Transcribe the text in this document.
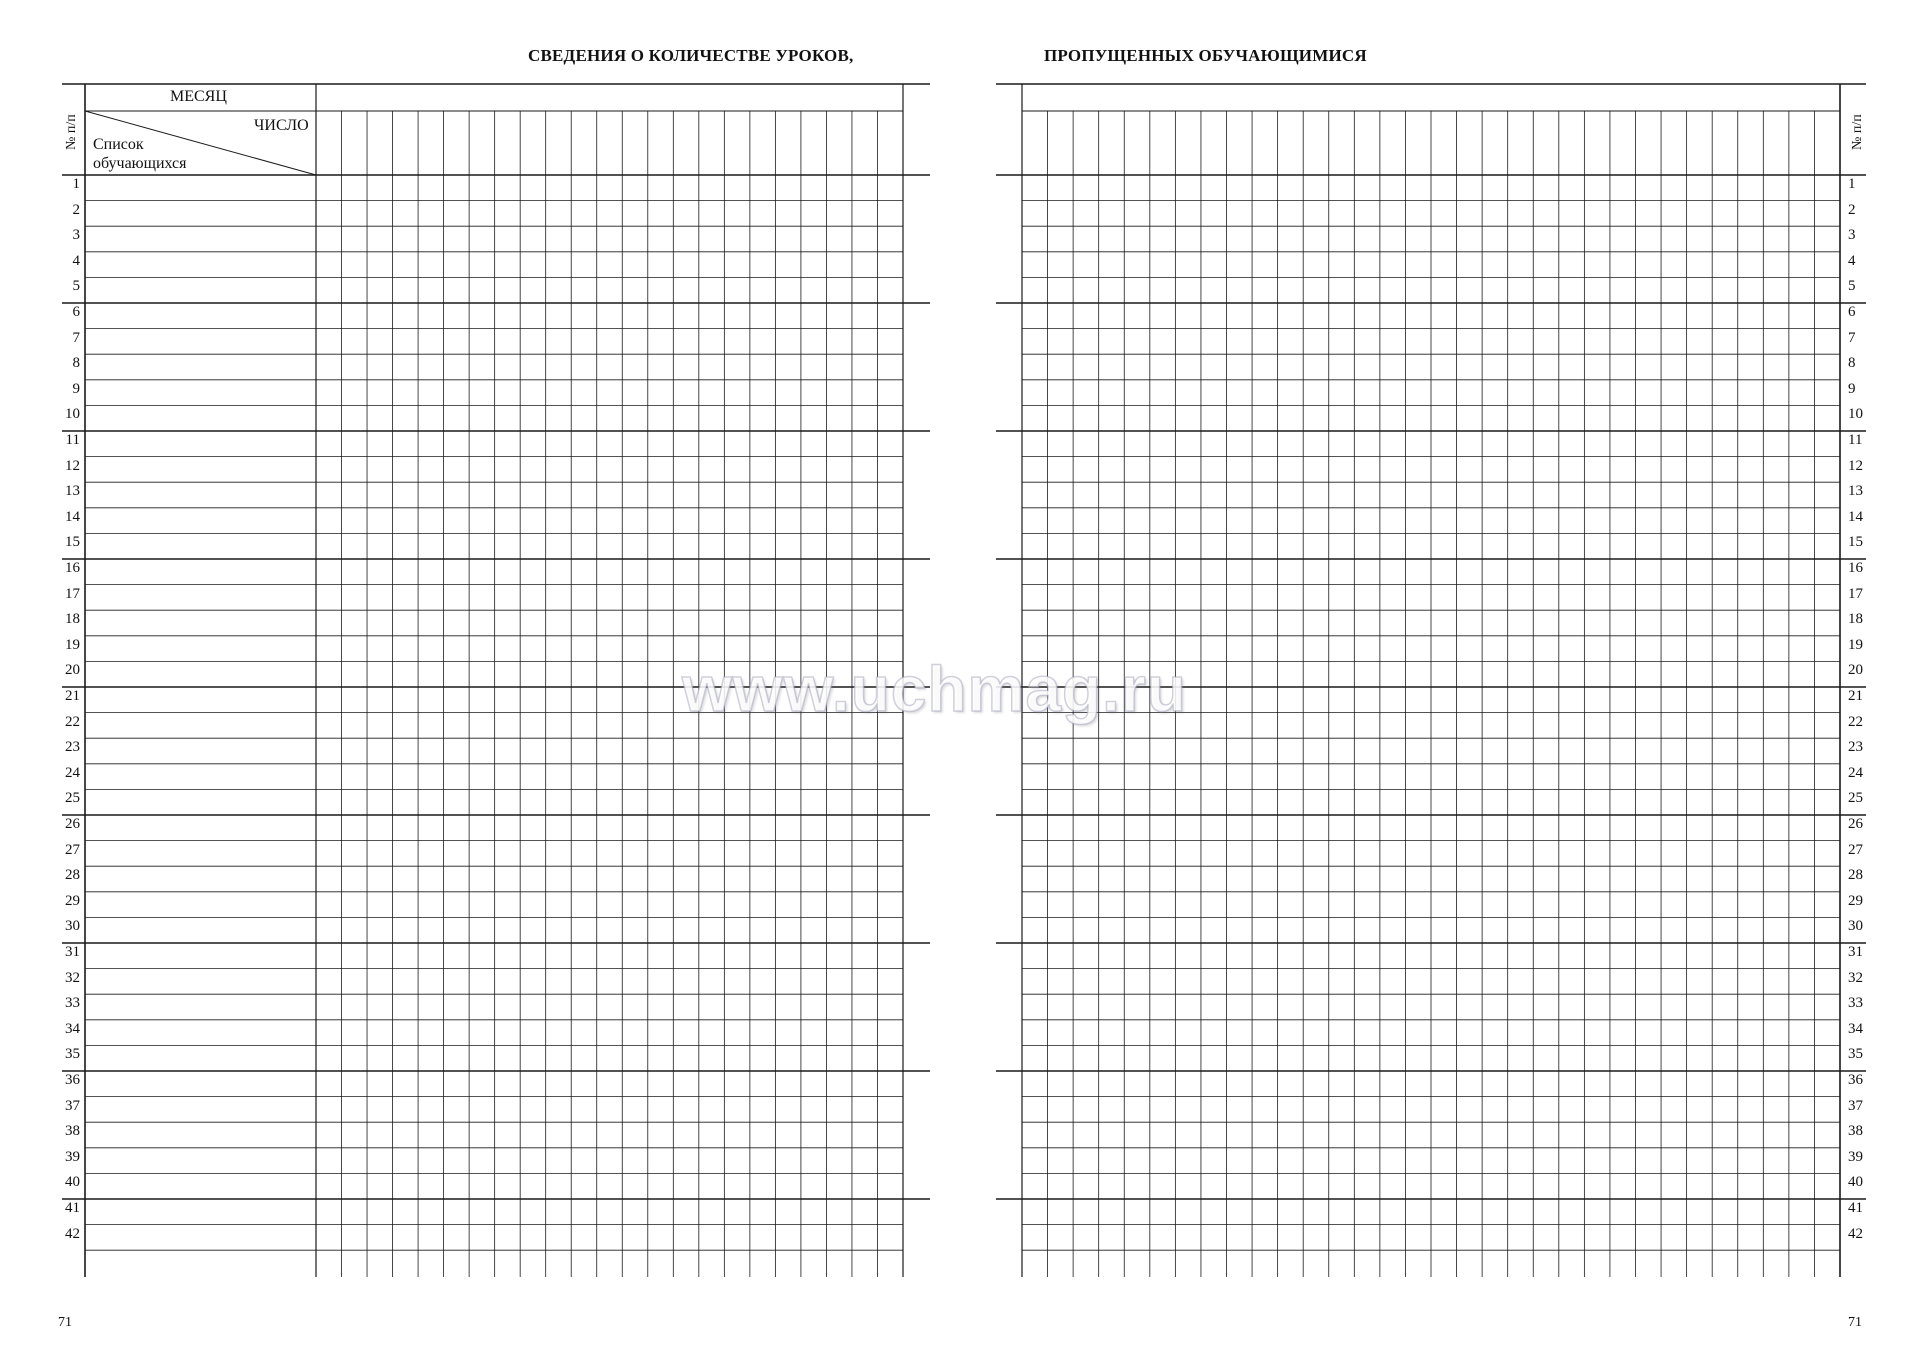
СВЕДЕНИЯ О КОЛИЧЕСТВЕ УРОКОВ,	ПРОПУЩЕННЫХ ОБУЧАЮЩИМИСЯ
МЕСЯЦ
ЧИСЛО
Список обучающихся
№ п/п	№ п/п
1	1
2	2
3	3
4	4
5	5
6	6
7	7
8	8
9	9
10	10
11	11
12	12
13	13
14	14
15	15
16	16
17	17
18	18
19	19
20	20
21	21
22	22
23	23
24	24
25	25
26	26
27	27
28	28
29	29
30	30
31	31
32	32
33	33
34	34
35	35
36	36
37	37
38	38
39	39
40	40
41	41
42	42
71	71
www.uchmag.ru
